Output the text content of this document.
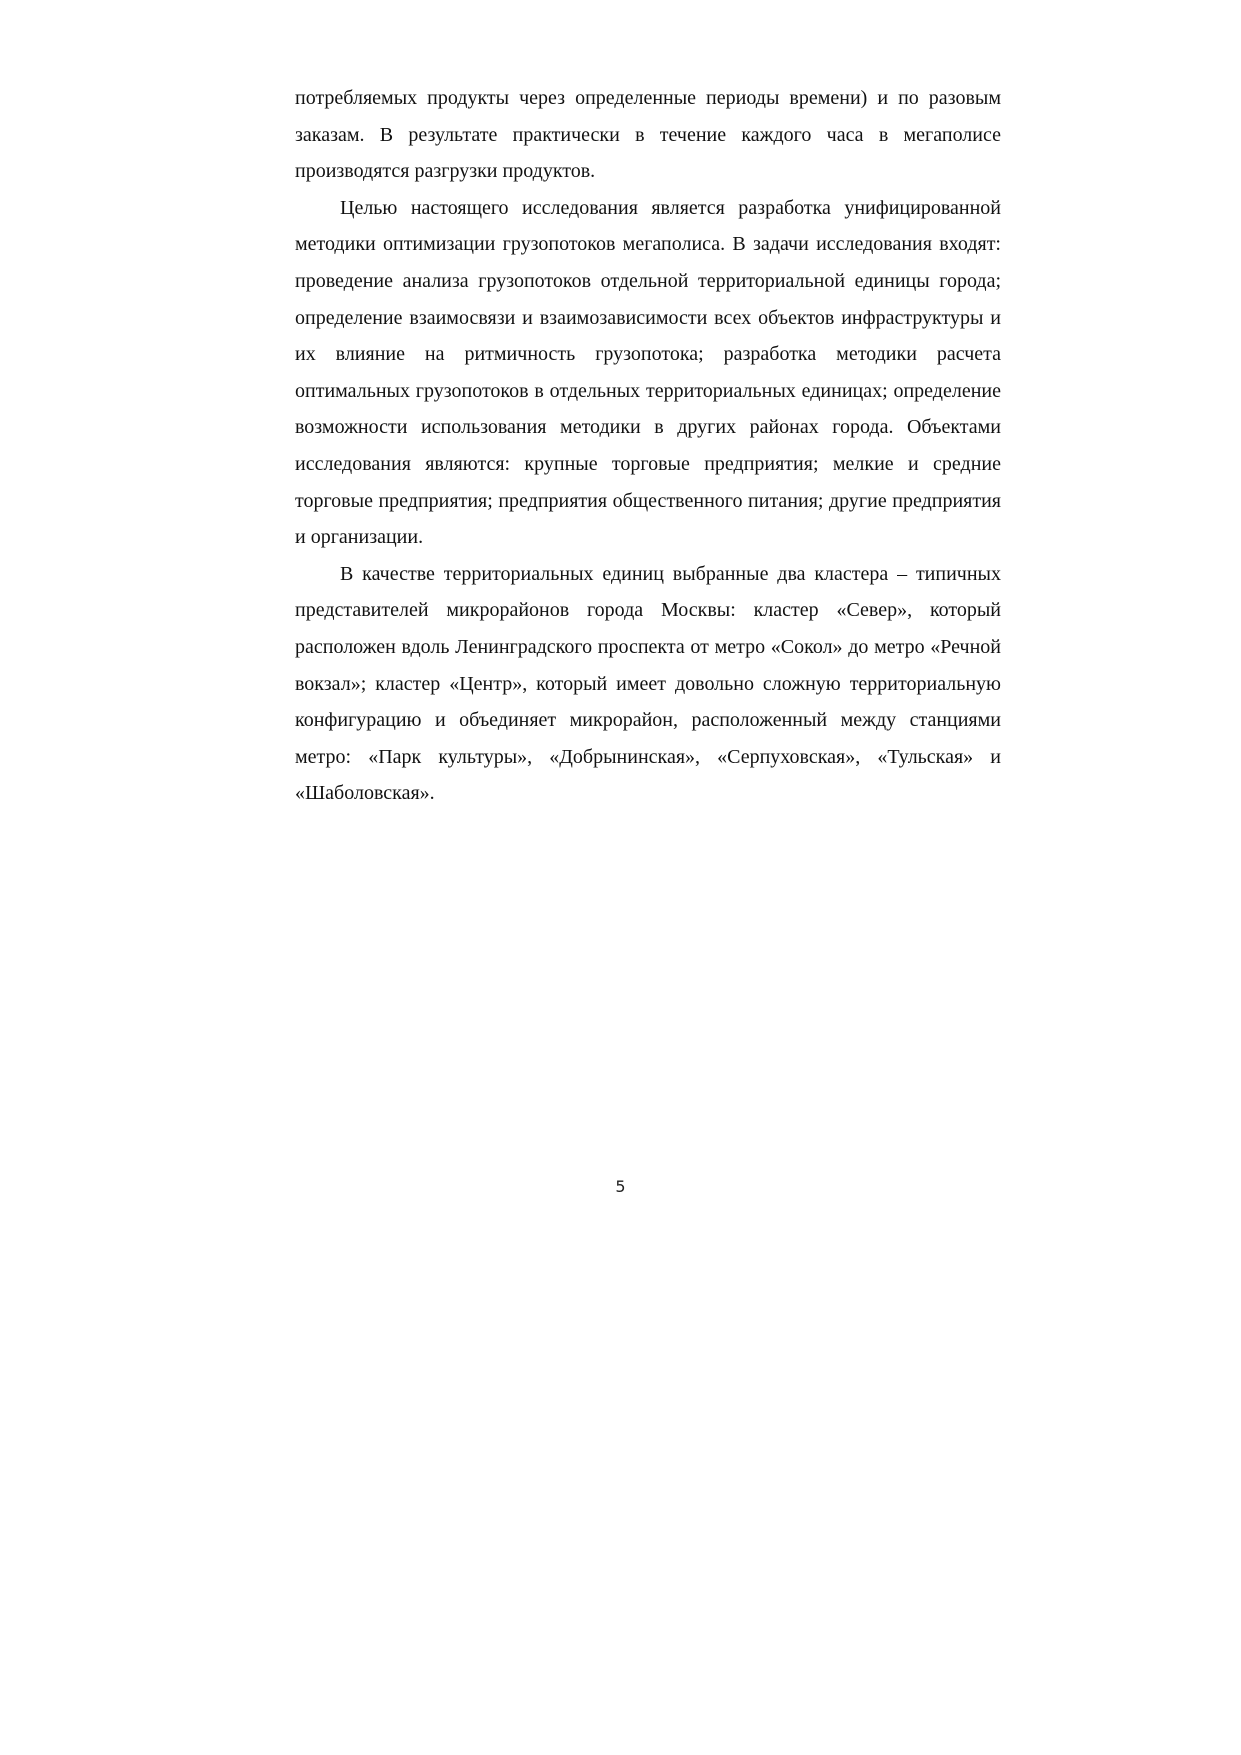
потребляемых продукты через определенные периоды времени) и по разовым заказам. В результате практически в течение каждого часа в мегаполисе производятся разгрузки продуктов.

Целью настоящего исследования является разработка унифицированной методики оптимизации грузопотоков мегаполиса. В задачи исследования входят: проведение анализа грузопотоков отдельной территориальной единицы города; определение взаимосвязи и взаимозависимости всех объектов инфраструктуры и их влияние на ритмичность грузопотока; разработка методики расчета оптимальных грузопотоков в отдельных территориальных единицах; определение возможности использования методики в других районах города. Объектами исследования являются: крупные торговые предприятия; мелкие и средние торговые предприятия; предприятия общественного питания; другие предприятия и организации.

В качестве территориальных единиц выбранные два кластера – типичных представителей микрорайонов города Москвы: кластер «Север», который расположен вдоль Ленинградского проспекта от метро «Сокол» до метро «Речной вокзал»; кластер «Центр», который имеет довольно сложную территориальную конфигурацию и объединяет микрорайон, расположенный между станциями метро: «Парк культуры», «Добрынинская», «Серпуховская», «Тульская» и «Шаболовская».

5
